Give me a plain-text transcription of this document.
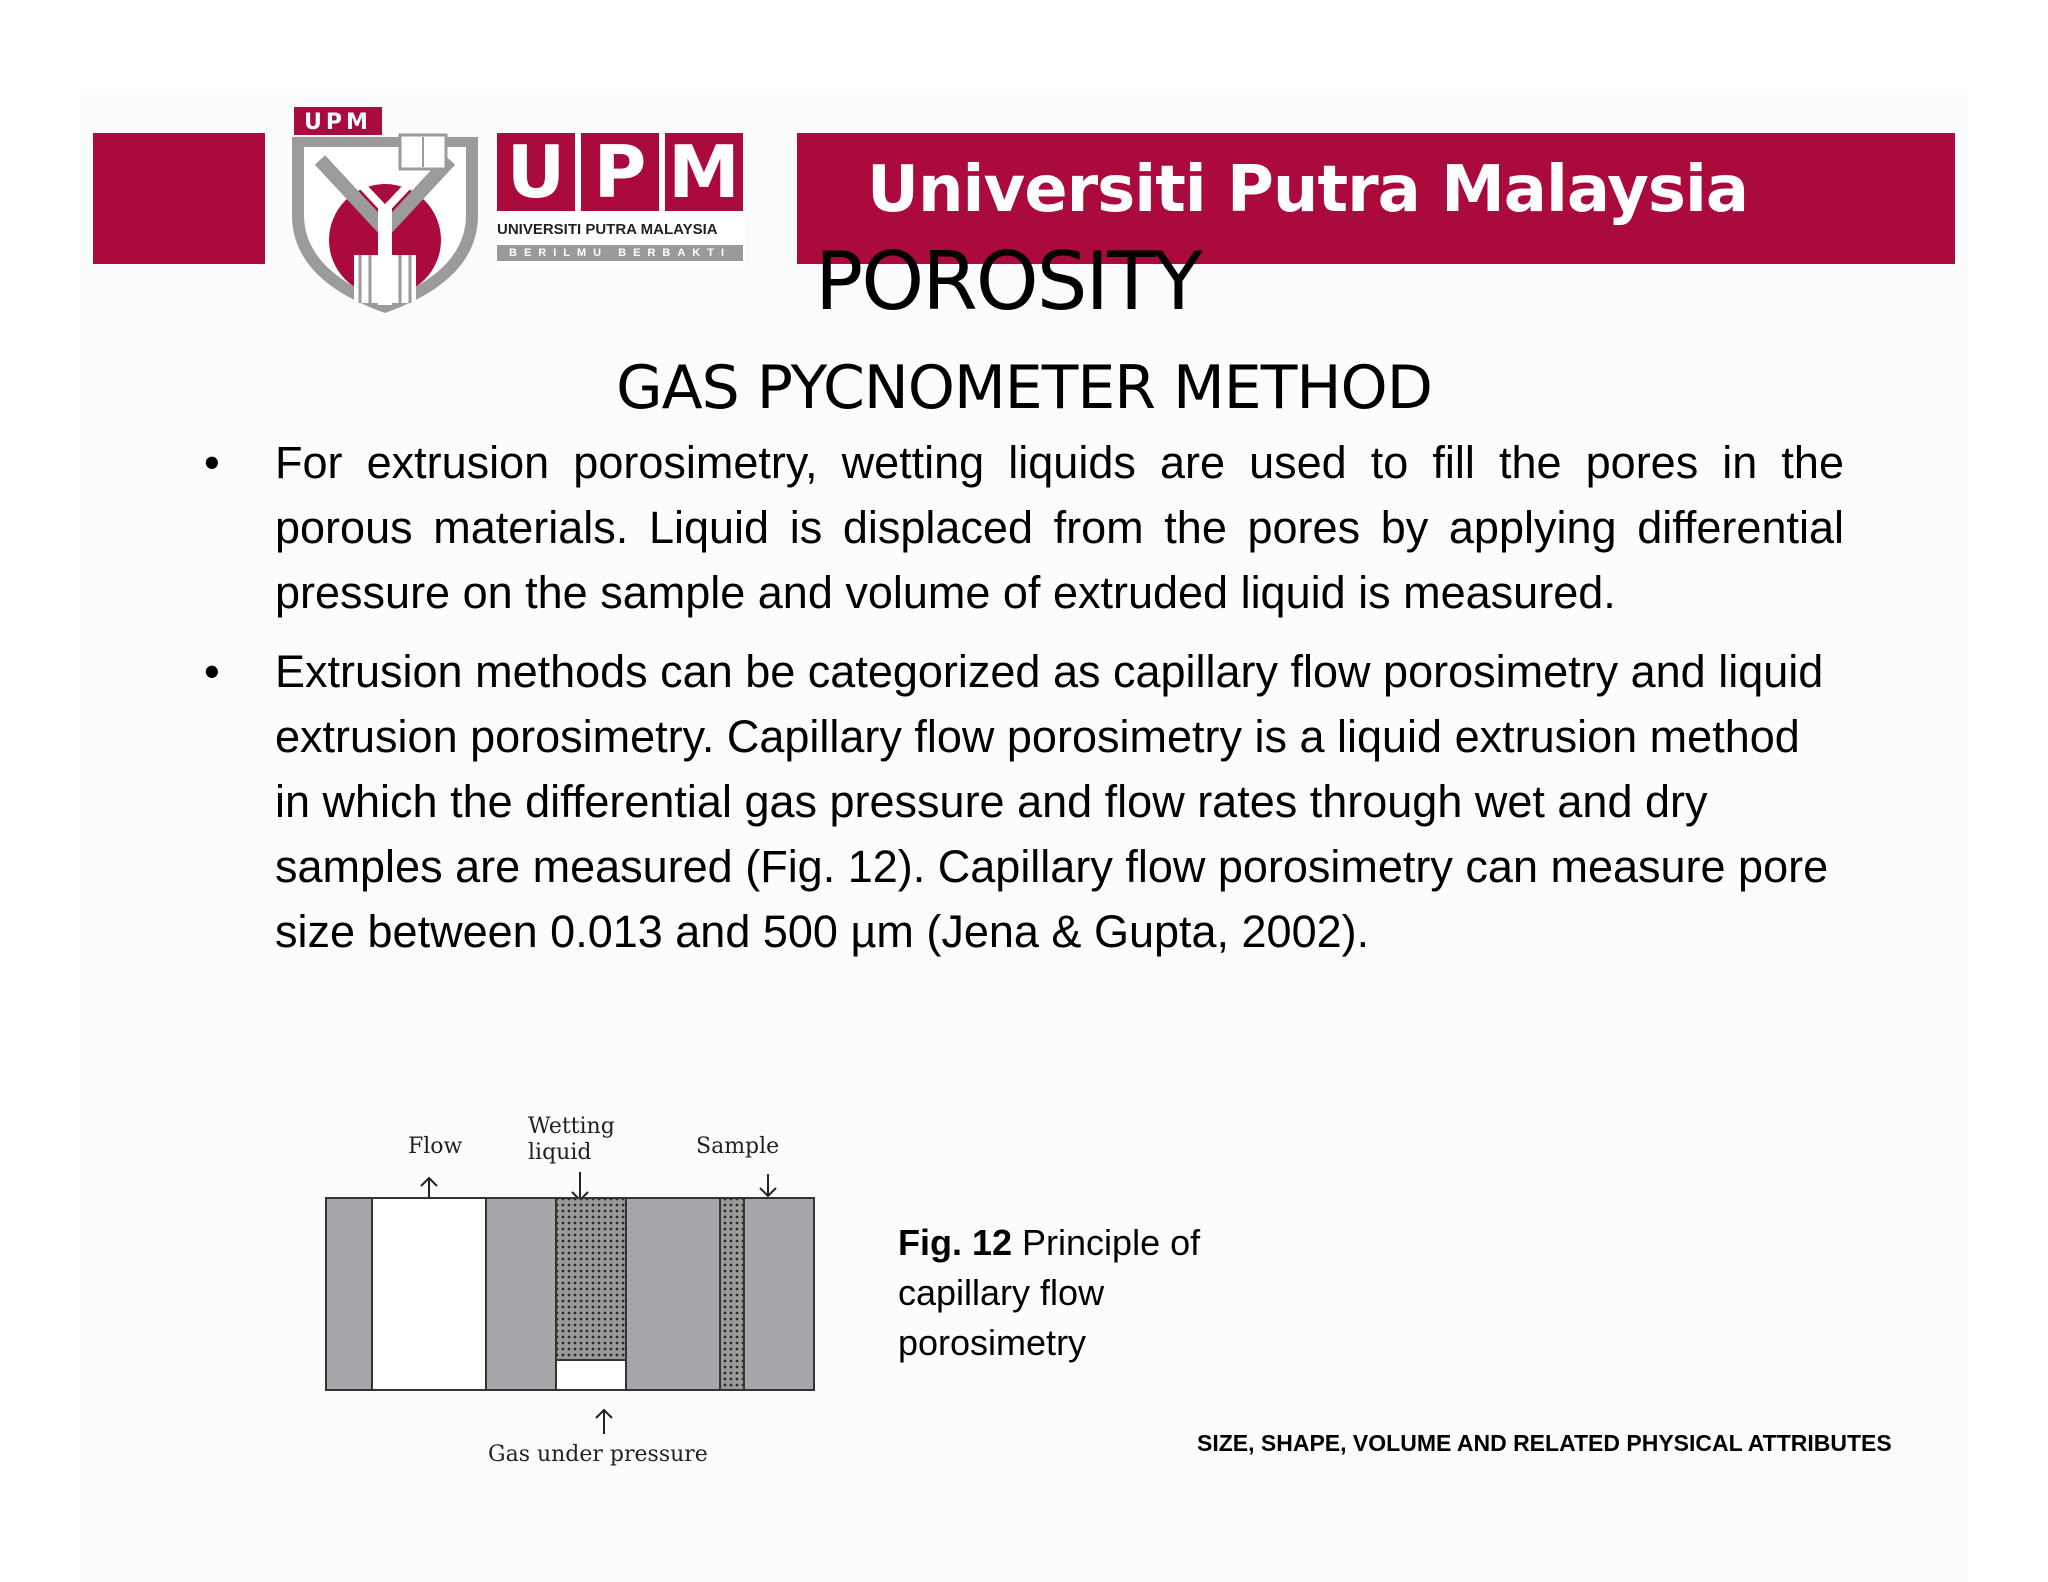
UPM
U P M
UNIVERSITI PUTRA MALAYSIA
BERILMU BERBAKTI
Universiti Putra Malaysia
POROSITY
GAS PYCNOMETER METHOD
• For extrusion porosimetry, wetting liquids are used to fill the pores in the porous materials. Liquid is displaced from the pores by applying differential pressure on the sample and volume of extruded liquid is measured.
• Extrusion methods can be categorized as capillary flow porosimetry and liquid extrusion porosimetry. Capillary flow porosimetry is a liquid extrusion method in which the differential gas pressure and flow rates through wet and dry samples are measured (Fig. 12). Capillary flow porosimetry can measure pore size between 0.013 and 500 µm (Jena & Gupta, 2002).
Flow
Wetting
liquid	Sample
Gas under pressure
Fig. 12 Principle of capillary flow porosimetry
SIZE, SHAPE, VOLUME AND RELATED PHYSICAL ATTRIBUTES
